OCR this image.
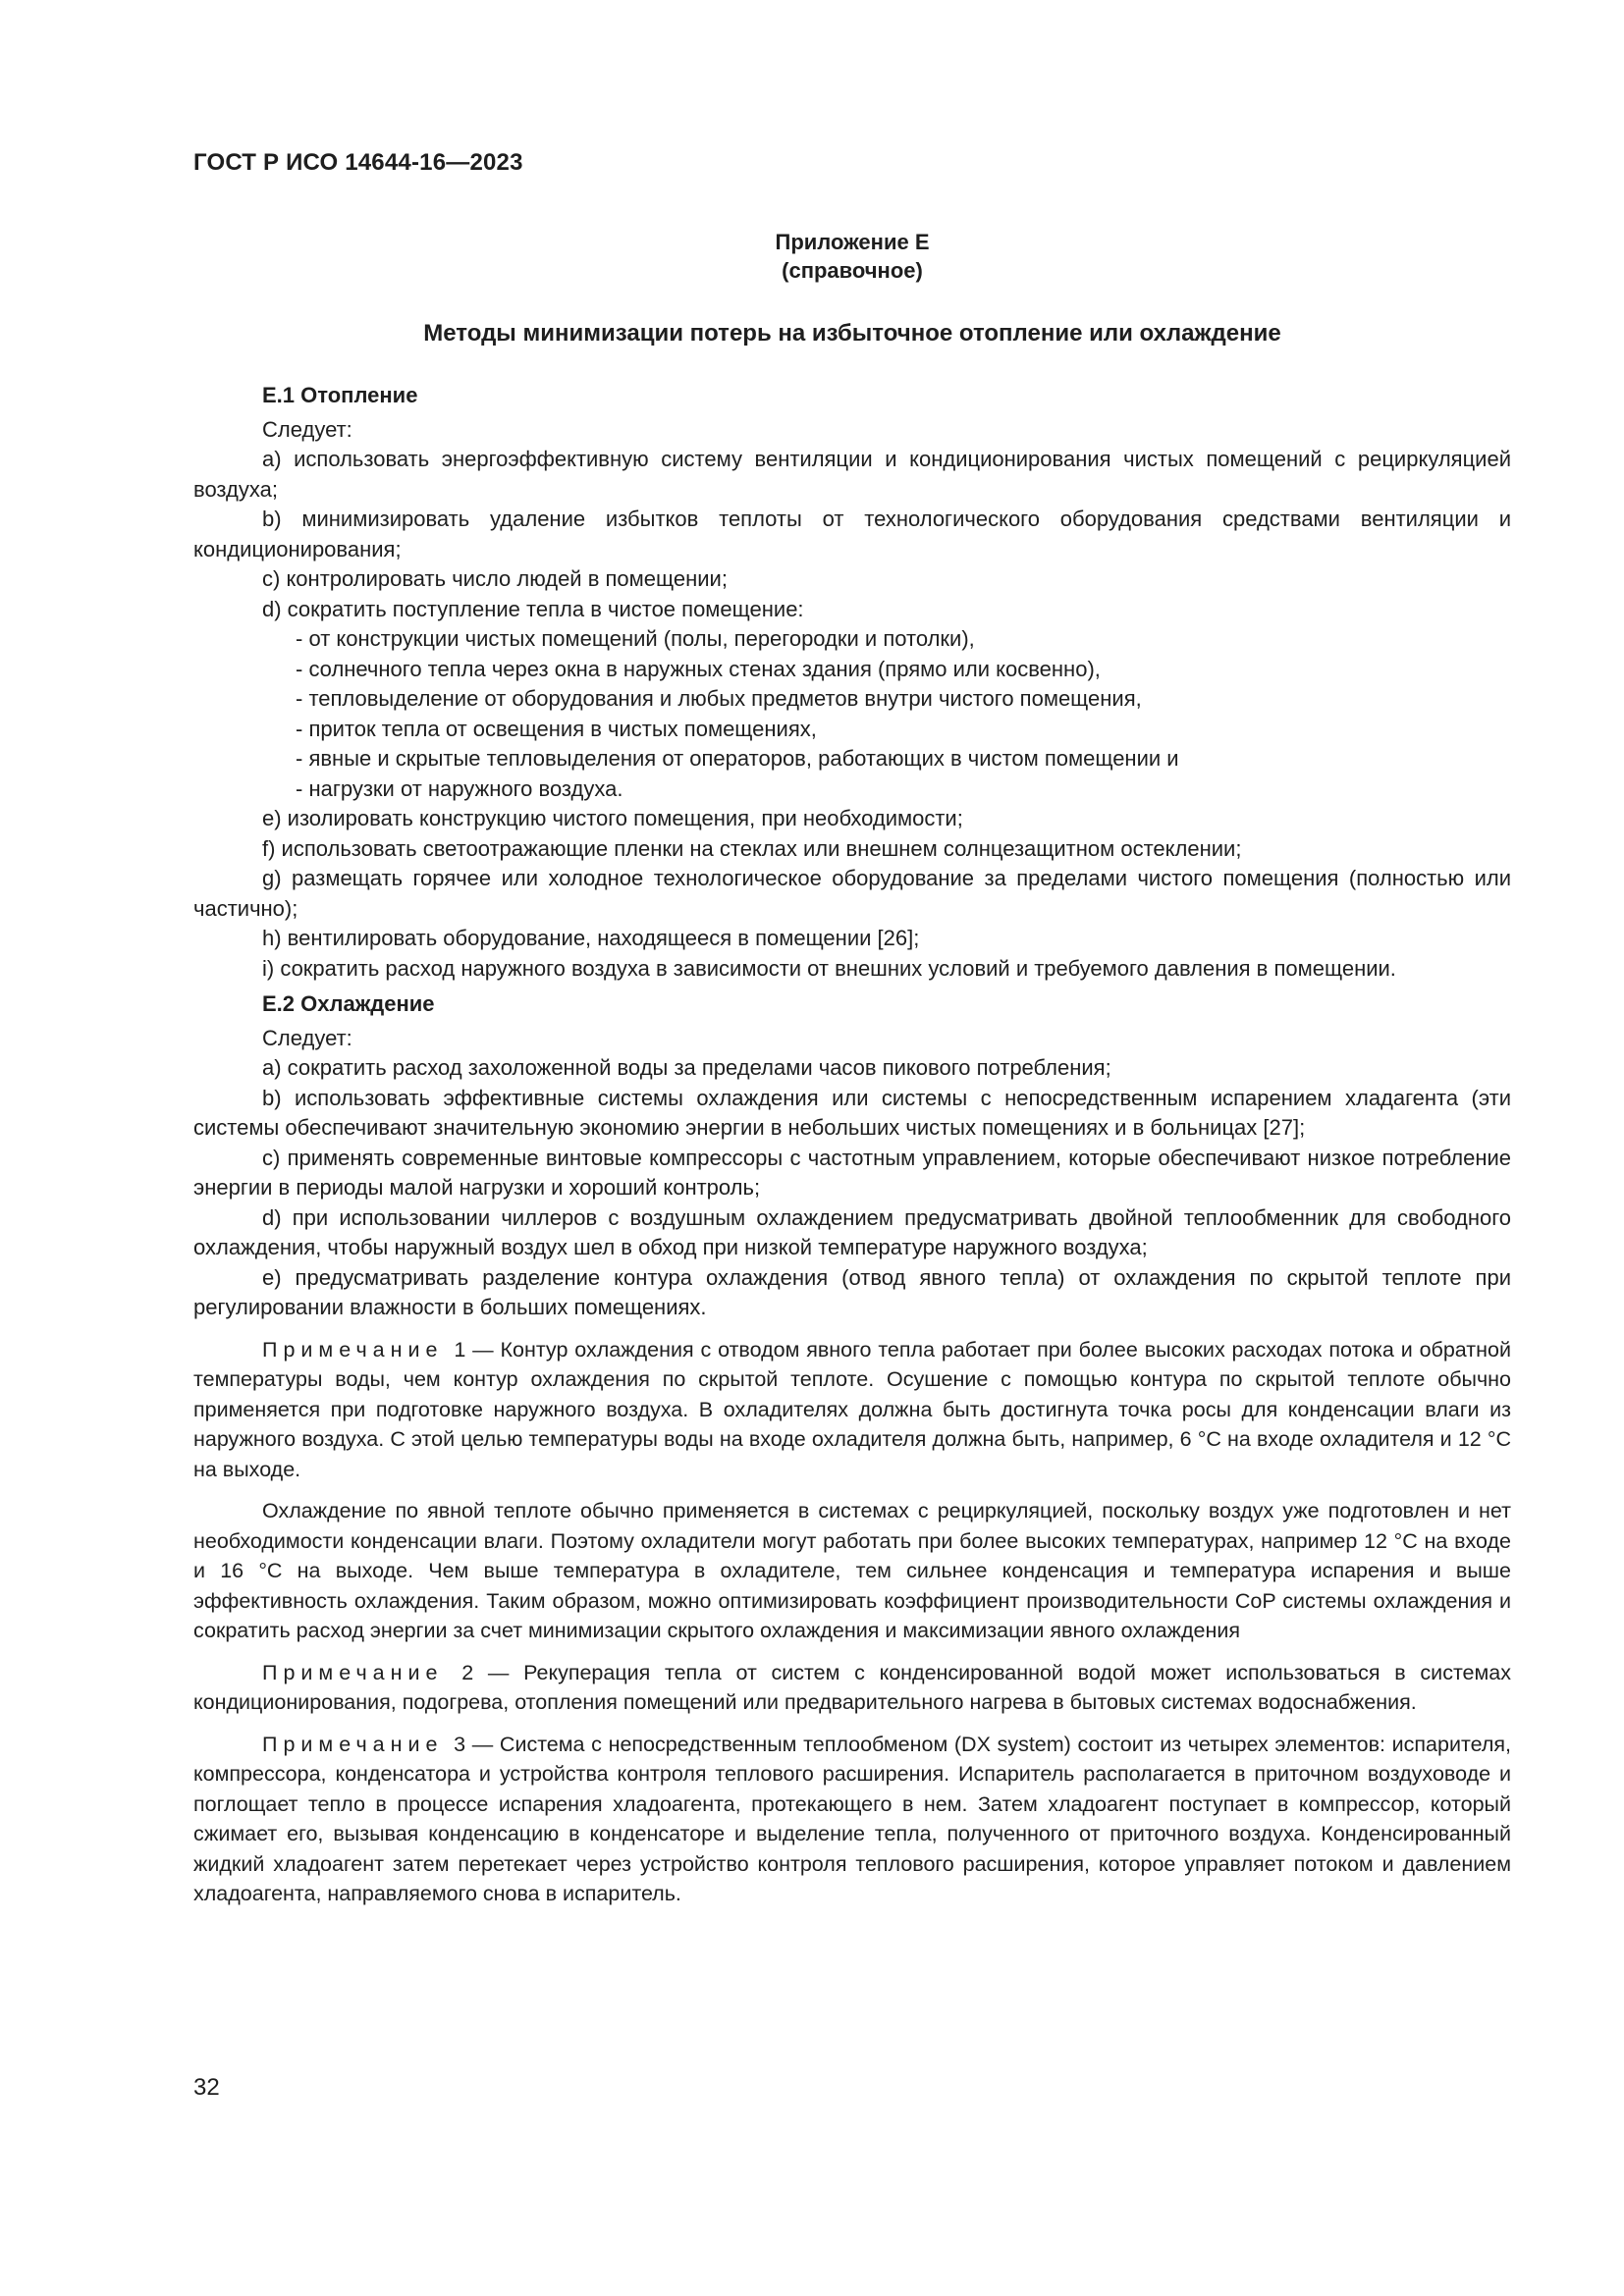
ГОСТ Р ИСО 14644-16—2023
Приложение Е
(справочное)
Методы минимизации потерь на избыточное отопление или охлаждение

Е.1 Отопление

Следует:

a) использовать энергоэффективную систему вентиляции и кондиционирования чистых помещений с рециркуляцией воздуха;

b) минимизировать удаление избытков теплоты от технологического оборудования средствами вентиляции и кондиционирования;

c) контролировать число людей в помещении;

d) сократить поступление тепла в чистое помещение:

- от конструкции чистых помещений (полы, перегородки и потолки),

- солнечного тепла через окна в наружных стенах здания (прямо или косвенно),

- тепловыделение от оборудования и любых предметов внутри чистого помещения,

- приток тепла от освещения в чистых помещениях,

- явные и скрытые тепловыделения от операторов, работающих в чистом помещении и

- нагрузки от наружного воздуха.

e) изолировать конструкцию чистого помещения, при необходимости;

f) использовать светоотражающие пленки на стеклах или внешнем солнцезащитном остеклении;

g) размещать горячее или холодное технологическое оборудование за пределами чистого помещения (полностью или частично);

h) вентилировать оборудование, находящееся в помещении [26];

i) сократить расход наружного воздуха в зависимости от внешних условий и требуемого давления в помещении.

Е.2 Охлаждение

Следует:

a) сократить расход захоложенной воды за пределами часов пикового потребления;

b) использовать эффективные системы охлаждения или системы с непосредственным испарением хладагента (эти системы обеспечивают значительную экономию энергии в небольших чистых помещениях и в больницах [27];

c) применять современные винтовые компрессоры с частотным управлением, которые обеспечивают низкое потребление энергии в периоды малой нагрузки и хороший контроль;

d) при использовании чиллеров с воздушным охлаждением предусматривать двойной теплообменник для свободного охлаждения, чтобы наружный воздух шел в обход при низкой температуре наружного воздуха;

e) предусматривать разделение контура охлаждения (отвод явного тепла) от охлаждения по скрытой теплоте при регулировании влажности в больших помещениях.

Примечание 1 — Контур охлаждения с отводом явного тепла работает при более высоких расходах потока и обратной температуры воды, чем контур охлаждения по скрытой теплоте. Осушение с помощью контура по скрытой теплоте обычно применяется при подготовке наружного воздуха. В охладителях должна быть достигнута точка росы для конденсации влаги из наружного воздуха. С этой целью температуры воды на входе охладителя должна быть, например, 6 °С на входе охладителя и 12 °С на выходе.

Охлаждение по явной теплоте обычно применяется в системах с рециркуляцией, поскольку воздух уже подготовлен и нет необходимости конденсации влаги. Поэтому охладители могут работать при более высоких температурах, например 12 °С на входе и 16 °С на выходе. Чем выше температура в охладителе, тем сильнее конденсация и температура испарения и выше эффективность охлаждения. Таким образом, можно оптимизировать коэффициент производительности CoP системы охлаждения и сократить расход энергии за счет минимизации скрытого охлаждения и максимизации явного охлаждения

Примечание 2 — Рекуперация тепла от систем с конденсированной водой может использоваться в системах кондиционирования, подогрева, отопления помещений или предварительного нагрева в бытовых системах водоснабжения.

Примечание 3 — Система с непосредственным теплообменом (DX system) состоит из четырех элементов: испарителя, компрессора, конденсатора и устройства контроля теплового расширения. Испаритель располагается в приточном воздуховоде и поглощает тепло в процессе испарения хладоагента, протекающего в нем. Затем хладоагент поступает в компрессор, который сжимает его, вызывая конденсацию в конденсаторе и выделение тепла, полученного от приточного воздуха. Конденсированный жидкий хладоагент затем перетекает через устройство контроля теплового расширения, которое управляет потоком и давлением хладоагента, направляемого снова в испаритель.

32
